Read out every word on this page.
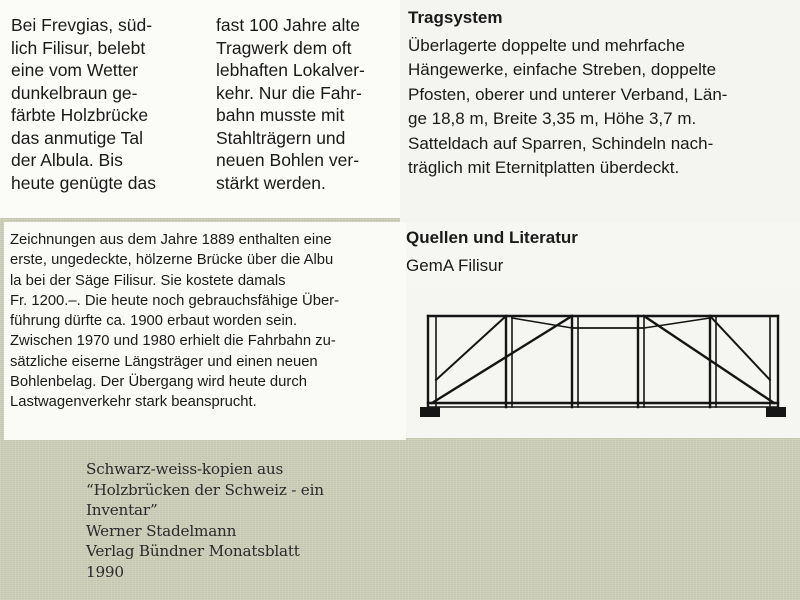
Bei Frevgias, süd-
lich Filisur, belebt
eine vom Wetter
dunkelbraun ge-
färbte Holzbrücke
das anmutige Tal
der Albula. Bis
heute genügte das

fast 100 Jahre alte
Tragwerk dem oft
lebhaften Lokalver-
kehr. Nur die Fahr-
bahn musste mit
Stahlträgern und
neuen Bohlen ver-
stärkt werden.

Tragsystem

Überlagerte doppelte und mehrfache
Hängewerke, einfache Streben, doppelte
Pfosten, oberer und unterer Verband, Län-
ge 18,8 m, Breite 3,35 m, Höhe 3,7 m.
Satteldach auf Sparren, Schindeln nach-
träglich mit Eternitplatten überdeckt.

Quellen und Literatur

GemA Filisur

Zeichnungen aus dem Jahre 1889 enthalten eine
erste, ungedeckte, hölzerne Brücke über die Albu
la bei der Säge Filisur. Sie kostete damals
Fr. 1200.–. Die heute noch gebrauchsfähige Über-
führung dürfte ca. 1900 erbaut worden sein.
Zwischen 1970 und 1980 erhielt die Fahrbahn zu-
sätzliche eiserne Längsträger und einen neuen
Bohlenbelag. Der Übergang wird heute durch
Lastwagenverkehr stark beansprucht.

Schwarz-weiss-kopien aus
“Holzbrücken der Schweiz - ein
Inventar”
Werner Stadelmann
Verlag Bündner Monatsblatt
1990
